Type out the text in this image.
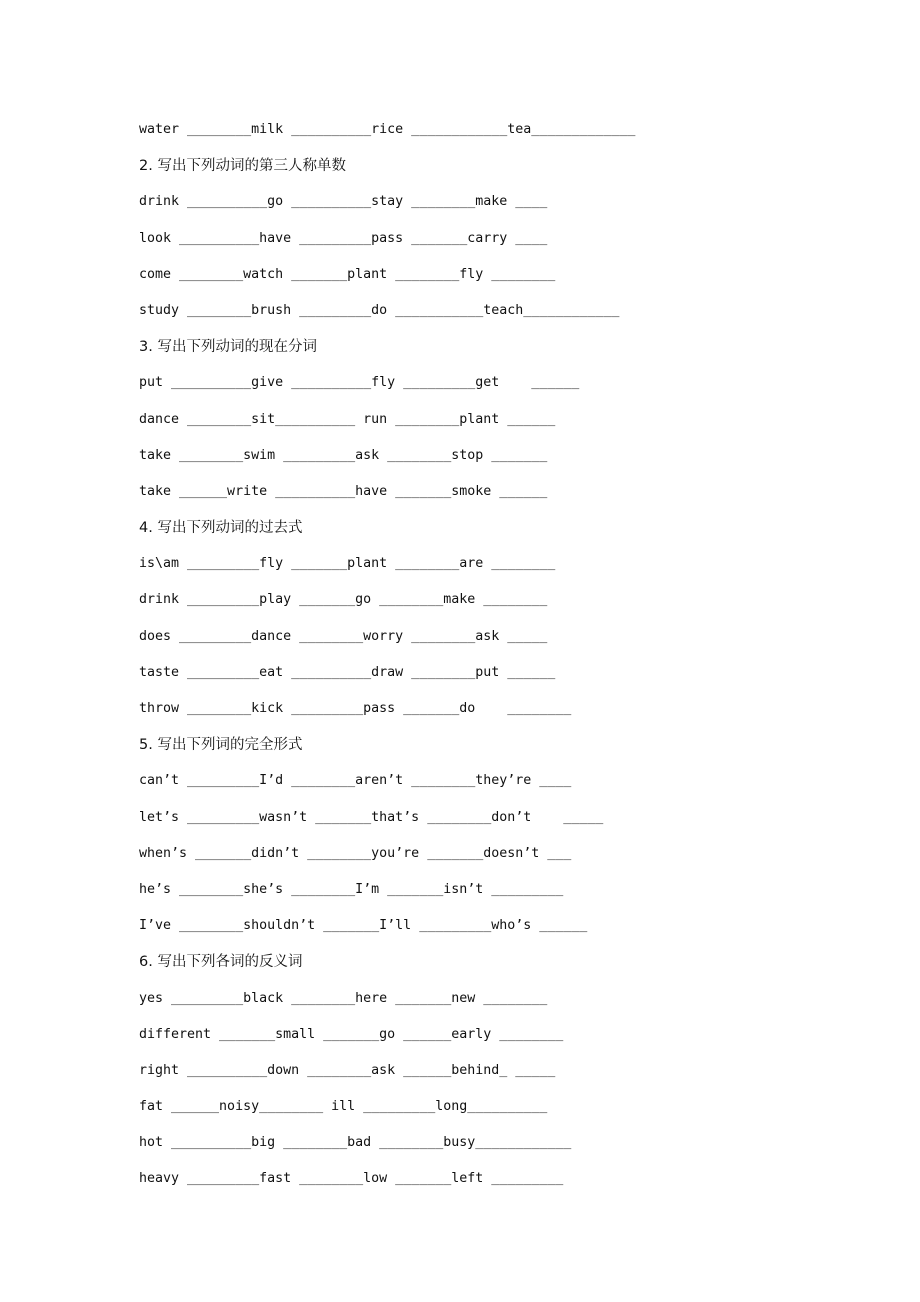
water ________milk __________rice ____________tea_____________
2. 写出下列动词的第三人称单数
drink __________go __________stay ________make ____
look __________have _________pass _______carry ____
come ________watch _______plant ________fly ________
study ________brush _________do ___________teach____________
3. 写出下列动词的现在分词
put __________give __________fly _________get    ______
dance ________sit__________ run ________plant ______
take ________swim _________ask ________stop _______
take ______write __________have _______smoke ______
4. 写出下列动词的过去式
is\am _________fly _______plant ________are ________
drink _________play _______go ________make ________
does _________dance ________worry ________ask _____
taste _________eat __________draw ________put ______
throw ________kick _________pass _______do    ________
5. 写出下列词的完全形式
can’t _________I’d ________aren’t ________they’re ____
let’s _________wasn’t _______that’s ________don’t    _____
when’s _______didn’t ________you’re _______doesn’t ___
he’s ________she’s ________I’m _______isn’t _________
I’ve ________shouldn’t _______I’ll _________who’s ______
6. 写出下列各词的反义词
yes _________black ________here _______new ________
different _______small _______go ______early ________
right __________down ________ask ______behind_ _____
fat ______noisy________ ill _________long__________
hot __________big ________bad ________busy____________
heavy _________fast ________low _______left _________
